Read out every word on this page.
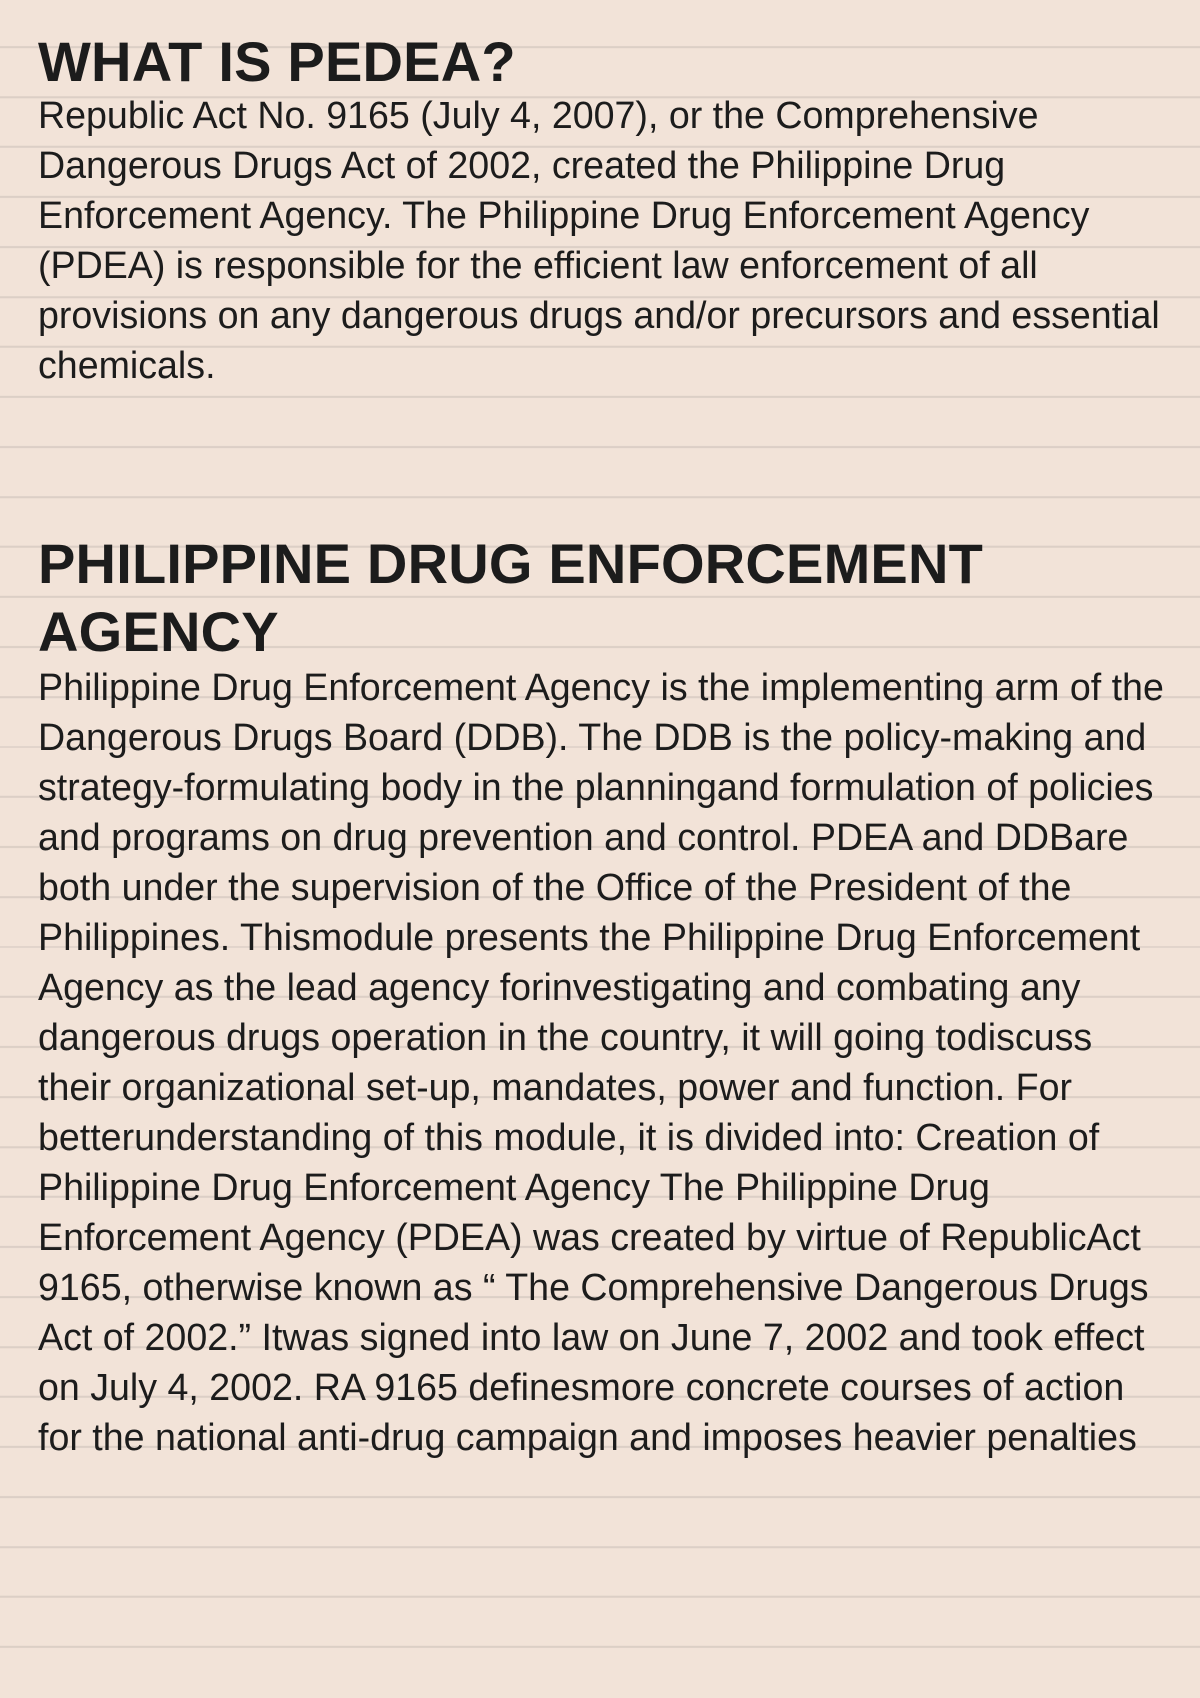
WHAT IS PEDEA?

Republic Act No. 9165 (July 4, 2007), or the Comprehensive Dangerous Drugs Act of 2002, created the Philippine Drug Enforcement Agency. The Philippine Drug Enforcement Agency (PDEA) is responsible for the efficient law enforcement of all provisions on any dangerous drugs and/or precursors and essential chemicals.

PHILIPPINE DRUG ENFORCEMENT AGENCY

Philippine Drug Enforcement Agency is the implementing arm of the Dangerous Drugs Board (DDB). The DDB is the policy-making and strategy-formulating body in the planningand formulation of policies and programs on drug prevention and control. PDEA and DDBare both under the supervision of the Office of the President of the Philippines. Thismodule presents the Philippine Drug Enforcement Agency as the lead agency forinvestigating and combating any dangerous drugs operation in the country, it will going todiscuss their organizational set-up, mandates, power and function. For betterunderstanding of this module, it is divided into: Creation of Philippine Drug Enforcement Agency The Philippine Drug Enforcement Agency (PDEA) was created by virtue of RepublicAct 9165, otherwise known as “ The Comprehensive Dangerous Drugs Act of 2002.” Itwas signed into law on June 7, 2002 and took effect on July 4, 2002. RA 9165 definesmore concrete courses of action for the national anti-drug campaign and imposes heavier penalties
